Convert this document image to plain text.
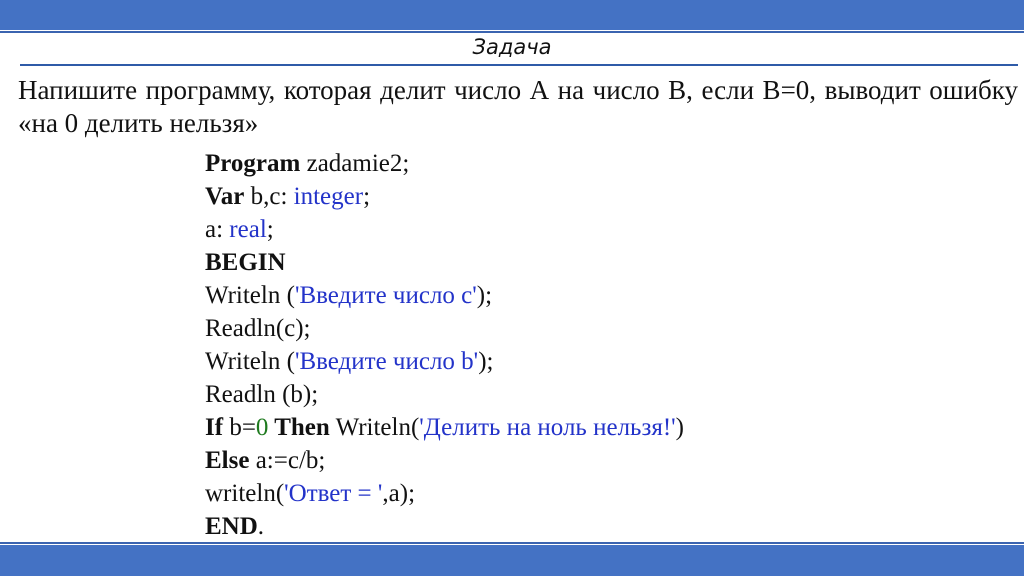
Задача
Напишите программу, которая делит число А на число В, если В=0, выводит ошибку «на 0 делить нельзя»
Program zadamie2;
Var b,c: integer;
a: real;
BEGIN
Writeln ('Введите число с');
Readln(c);
Writeln ('Введите число b');
Readln (b);
If b=0 Then Writeln('Делить на ноль нельзя!')
Else a:=c/b;
writeln('Ответ = ',a);
END.
